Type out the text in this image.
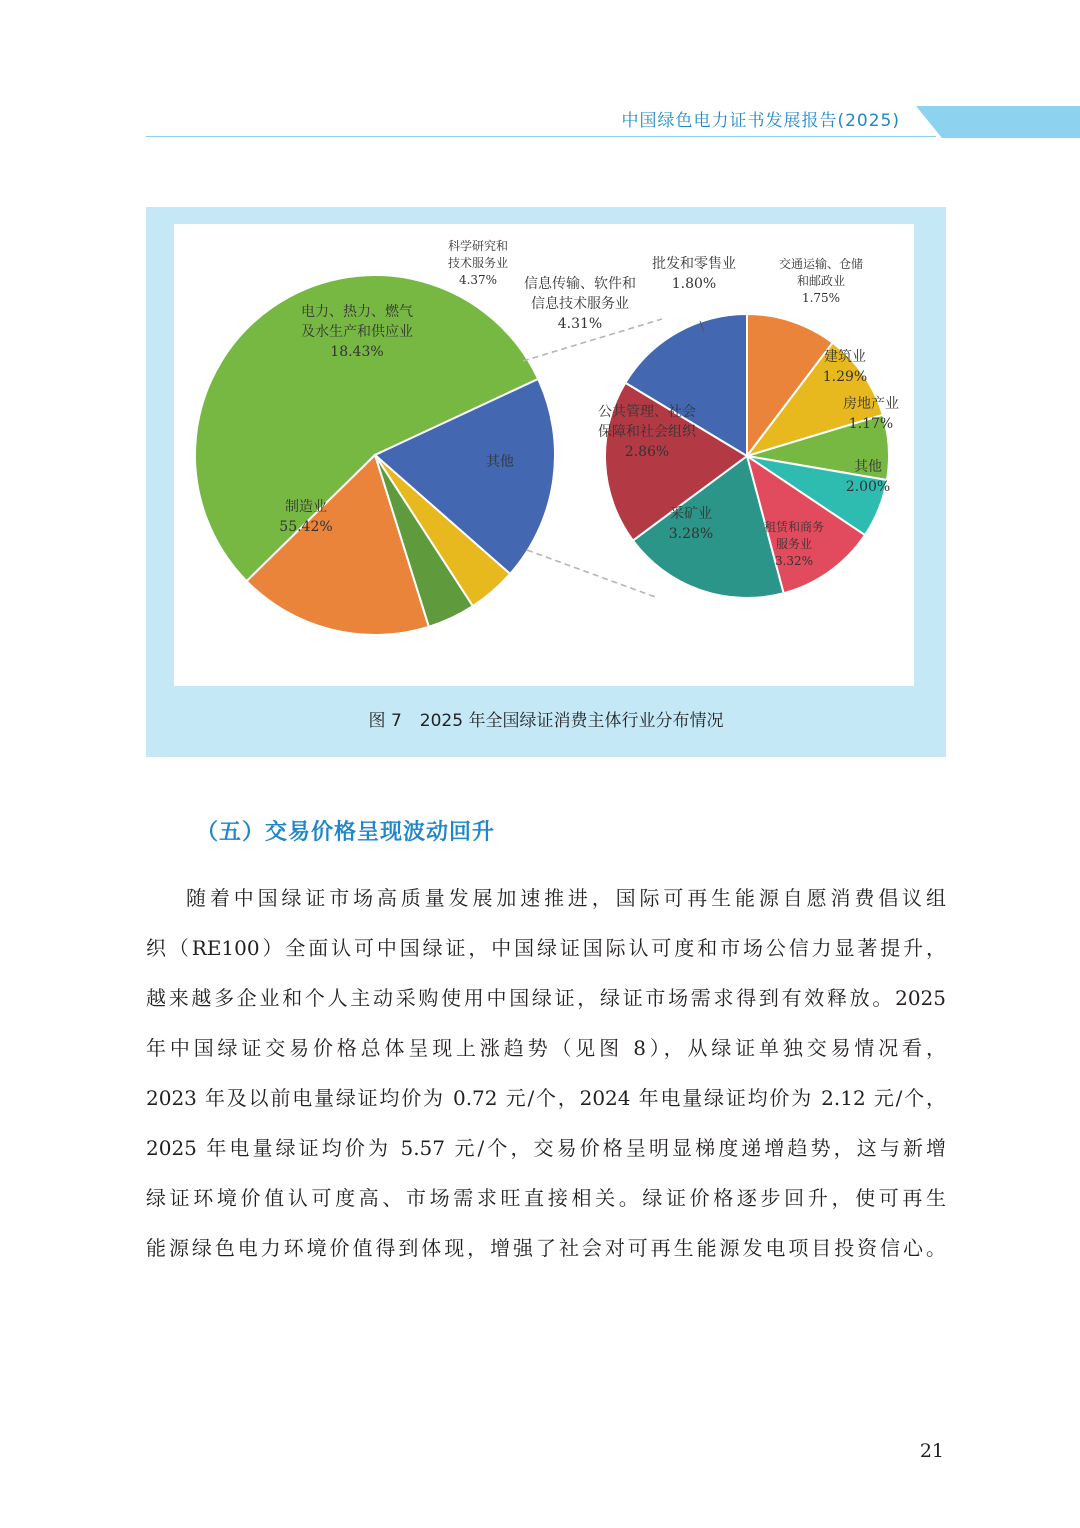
中国绿色电力证书发展报告(2025)
制造业
55.42%
电力、热力、燃气
及水生产和供应业
18.43%
科学研究和
技术服务业
4.37% 信息传输、软件和
信息技术服务业
4.31%
其他
批发和零售业
1.80%
交通运输、仓储
和邮政业
1.75%
建筑业
1.29%
房地产业
1.17%
其他
2.00%
租赁和商务
服务业
3.32%
采矿业
3.28%
公共管理、社会
保障和社会组织
2.86%
图 7 2025 年全国绿证消费主体行业分布情况
（五）交易价格呈现波动回升
随着中国绿证市场高质量发展加速推进，国际可再生能源自愿消费倡议组
织（RE100）全面认可中国绿证，中国绿证国际认可度和市场公信力显著提升，
越来越多企业和个人主动采购使用中国绿证，绿证市场需求得到有效释放。2025
年中国绿证交易价格总体呈现上涨趋势（见图 8），从绿证单独交易情况看，
2023 年及以前电量绿证均价为 0.72 元/个，2024 年电量绿证均价为 2.12 元/个，
2025 年电量绿证均价为 5.57 元/个，交易价格呈明显梯度递增趋势，这与新增
绿证环境价值认可度高、市场需求旺直接相关。绿证价格逐步回升，使可再生
能源绿色电力环境价值得到体现，增强了社会对可再生能源发电项目投资信心。
21
